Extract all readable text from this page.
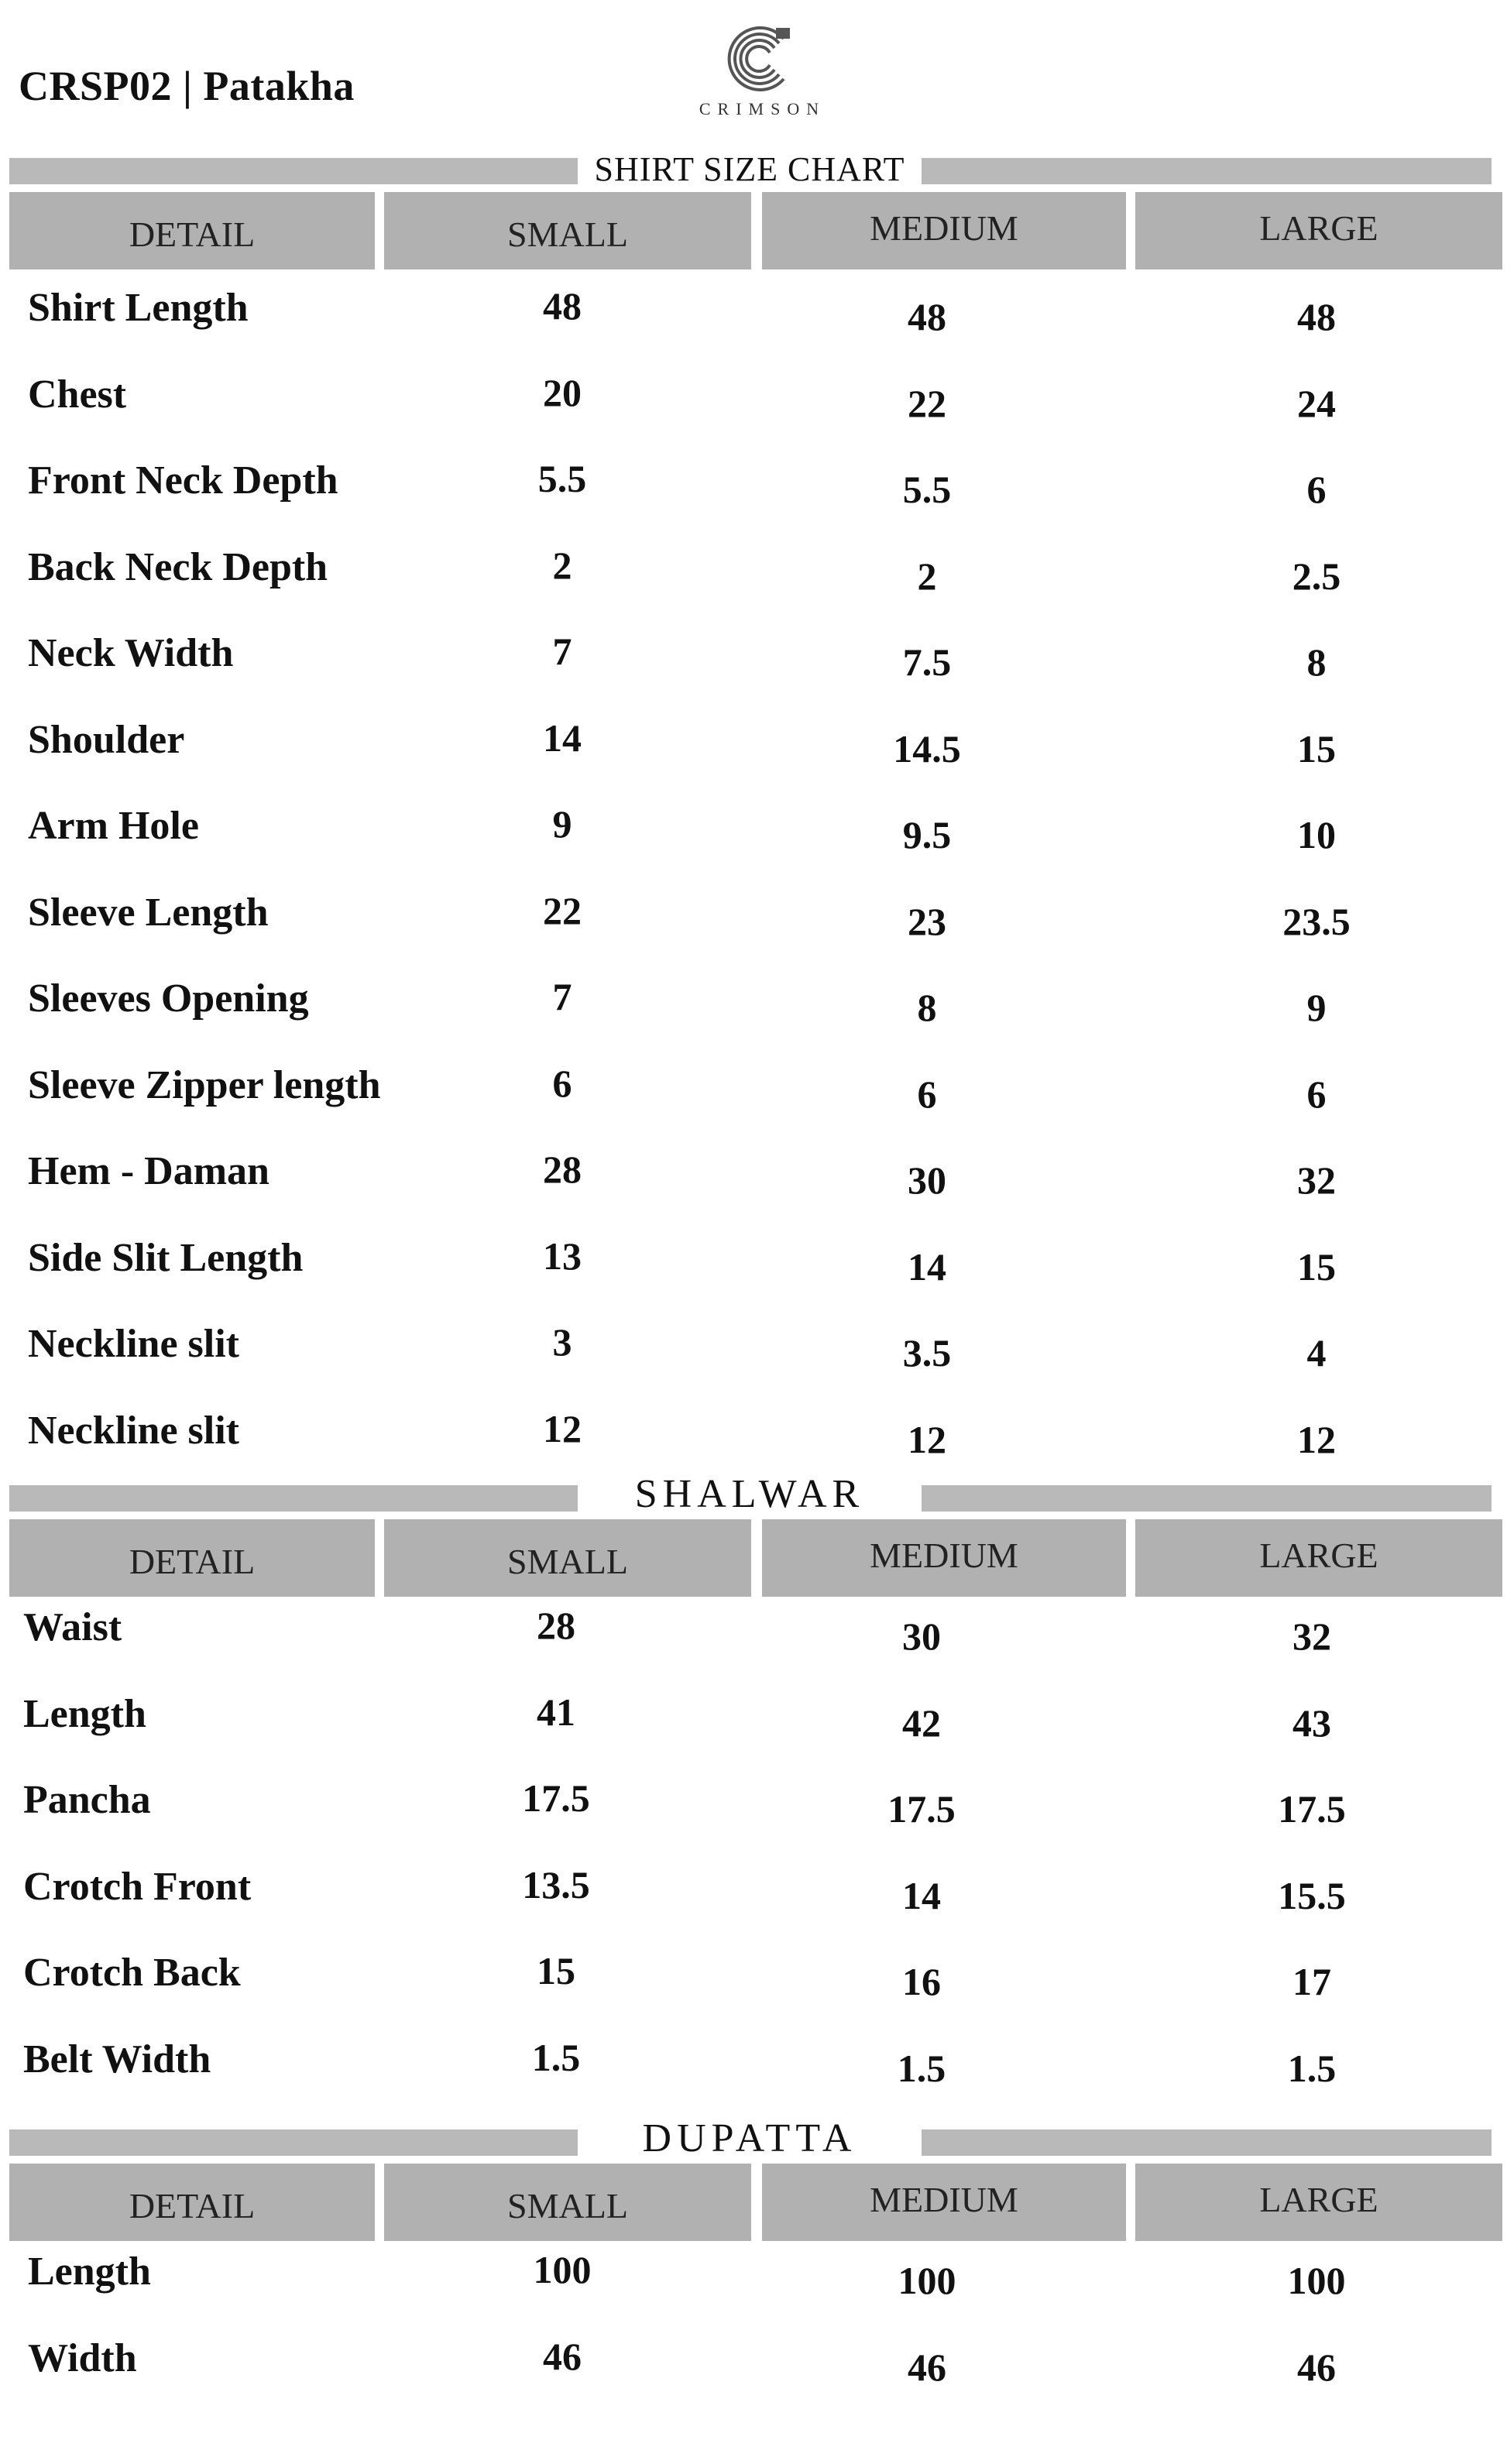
CRSP02 | Patakha	CRIMSON
SHIRT SIZE CHART
DETAIL	SMALL	MEDIUM	LARGE
Shirt Length	48	48	48
Chest	20	22	24
Front Neck Depth	5.5	5.5	6
Back Neck Depth	2	2	2.5
Neck Width	7	7.5	8
Shoulder	14	14.5	15
Arm Hole	9	9.5	10
Sleeve Length	22	23	23.5
Sleeves Opening	7	8	9
Sleeve Zipper length	6	6	6
Hem - Daman	28	30	32
Side Slit Length	13	14	15
Neckline slit	3	3.5	4
Neckline slit	12	12	12
SHALWAR
DETAIL	SMALL	MEDIUM	LARGE
Waist	28	30	32
Length	41	42	43
Pancha	17.5	17.5	17.5
Crotch Front	13.5	14	15.5
Crotch Back	15	16	17
Belt Width	1.5	1.5	1.5
DUPATTA
DETAIL	SMALL	MEDIUM	LARGE
Length	100	100	100
Width	46	46	46
